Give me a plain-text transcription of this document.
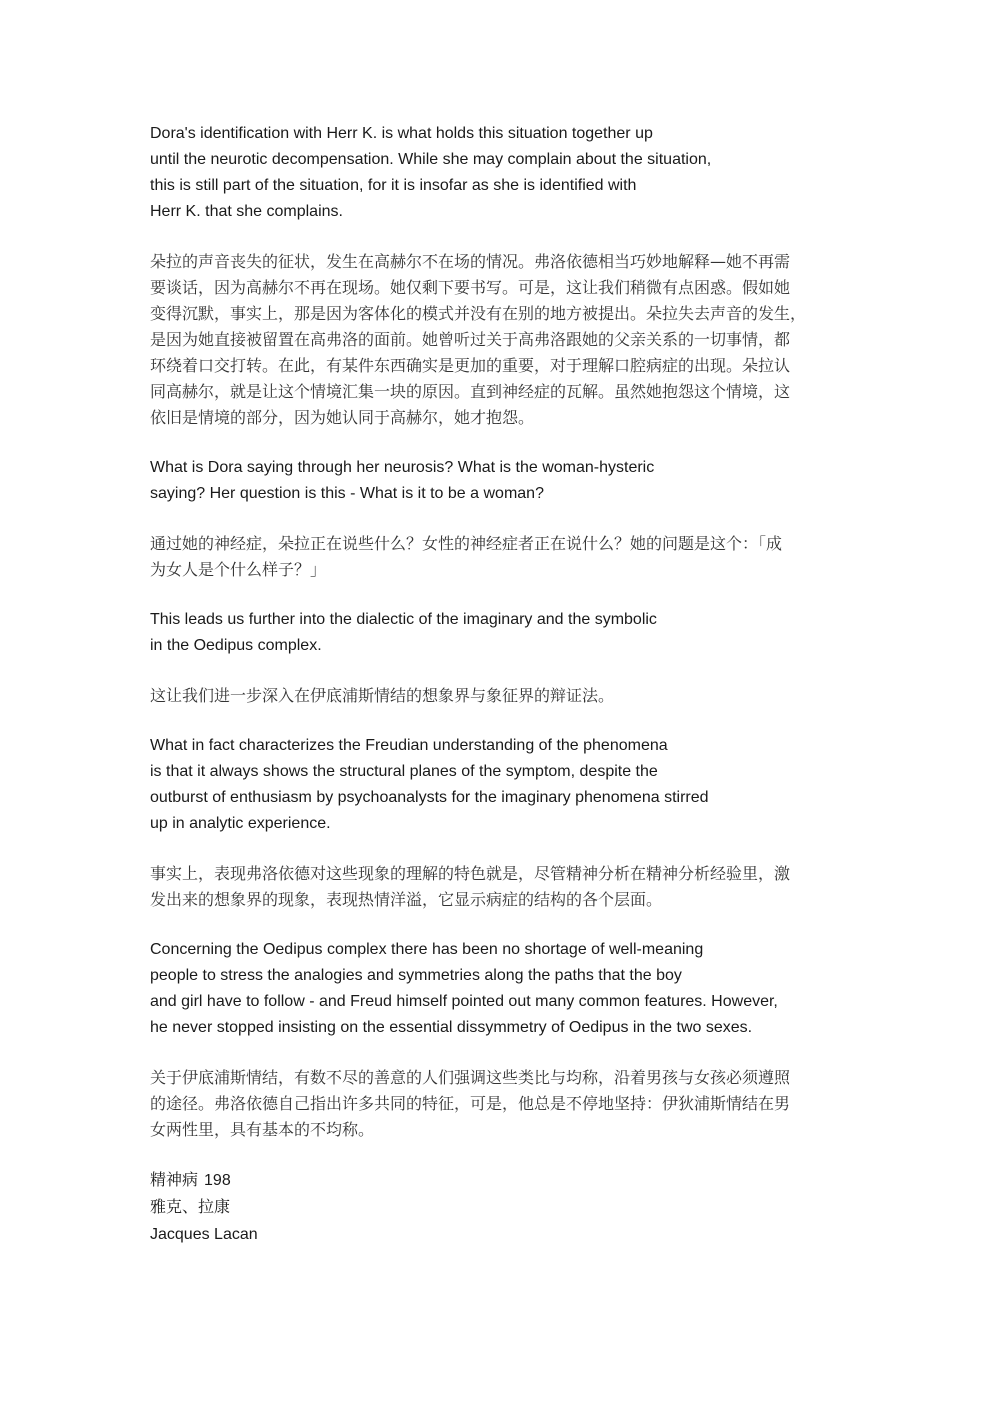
Dora's identification with Herr K. is what holds this situation together up
until the neurotic decompensation. While she may complain about the situation,
this is still part of the situation, for it is insofar as she is identified with
Herr K. that she complains.
朵拉的声音丧失的征状，发生在高赫尔不在场的情况。弗洛依德相当巧妙地解释—她不再需
要谈话，因为高赫尔不再在现场。她仅剩下要书写。可是，这让我们稍微有点困惑。假如她
变得沉默，事实上，那是因为客体化的模式并没有在别的地方被提出。朵拉失去声音的发生，
是因为她直接被留置在高弗洛的面前。她曾听过关于高弗洛跟她的父亲关系的一切事情，都
环绕着口交打转。在此，有某件东西确实是更加的重要，对于理解口腔病症的出现。朵拉认
同高赫尔，就是让这个情境汇集一块的原因。直到神经症的瓦解。虽然她抱怨这个情境，这
依旧是情境的部分，因为她认同于高赫尔，她才抱怨。
What is Dora saying through her neurosis? What is the woman-hysteric
saying? Her question is this - What is it to be a woman?
通过她的神经症，朵拉正在说些什么？女性的神经症者正在说什么？她的问题是这个：「成
为女人是个什么样子？」
This leads us further into the dialectic of the imaginary and the symbolic
in the Oedipus complex.
这让我们进一步深入在伊底浦斯情结的想象界与象征界的辩证法。
What in fact characterizes the Freudian understanding of the phenomena
is that it always shows the structural planes of the symptom, despite the
outburst of enthusiasm by psychoanalysts for the imaginary phenomena stirred
up in analytic experience.
事实上，表现弗洛依德对这些现象的理解的特色就是，尽管精神分析在精神分析经验里，激
发出来的想象界的现象，表现热情洋溢，它显示病症的结构的各个层面。
Concerning the Oedipus complex there has been no shortage of well-meaning
people to stress the analogies and symmetries along the paths that the boy
and girl have to follow - and Freud himself pointed out many common features. However,
he never stopped insisting on the essential dissymmetry of Oedipus in the two sexes.
关于伊底浦斯情结，有数不尽的善意的人们强调这些类比与均称，沿着男孩与女孩必须遵照
的途径。弗洛依德自己指出许多共同的特征，可是，他总是不停地坚持：伊狄浦斯情结在男
女两性里，具有基本的不均称。
精神病 198
雅克、拉康
Jacques Lacan
